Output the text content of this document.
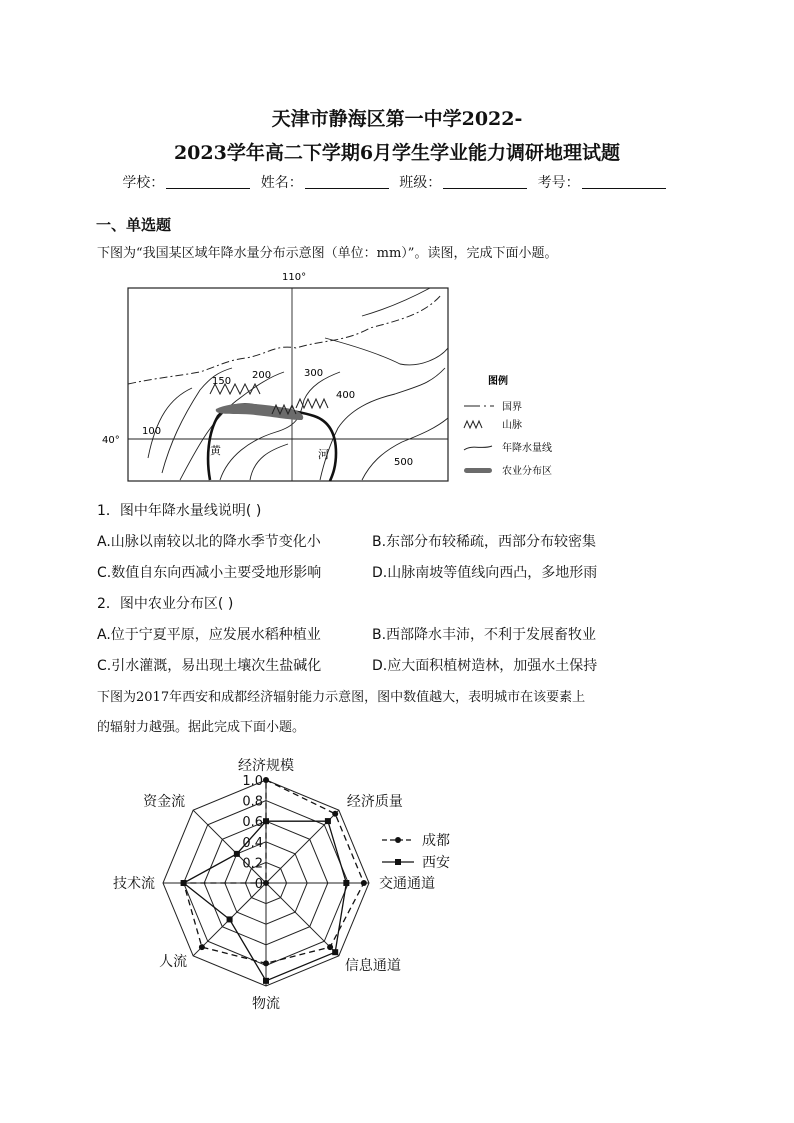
天津市静海区第一中学2022-
2023学年高二下学期6月学生学业能力调研地理试题
学校：	姓名：	班级：	考号：
一、单选题
下图为“我国某区域年降水量分布示意图（单位：mm）”。读图，完成下面小题。
110°
40°
150
200	300
400
100
500
黄	河
图例
国界
山脉
年降水量线
农业分布区
1．图中年降水量线说明( )
A.山脉以南较以北的降水季节变化小	B.东部分布较稀疏，西部分布较密集
C.数值自东向西减小主要受地形影响	D.山脉南坡等值线向西凸，多地形雨
2．图中农业分布区( )
A.位于宁夏平原，应发展水稻种植业	B.西部降水丰沛，不利于发展畜牧业
C.引水灌溉，易出现土壤次生盐碱化	D.应大面积植树造林，加强水土保持
下图为2017年西安和成都经济辐射能力示意图，图中数值越大，表明城市在该要素上
的辐射力越强。据此完成下面小题。
0
0.2
0.4
0.6
0.8
1.0
经济规模
经济质量
交通通道
信息通道
物流
人流
技术流
资金流
成都
西安
